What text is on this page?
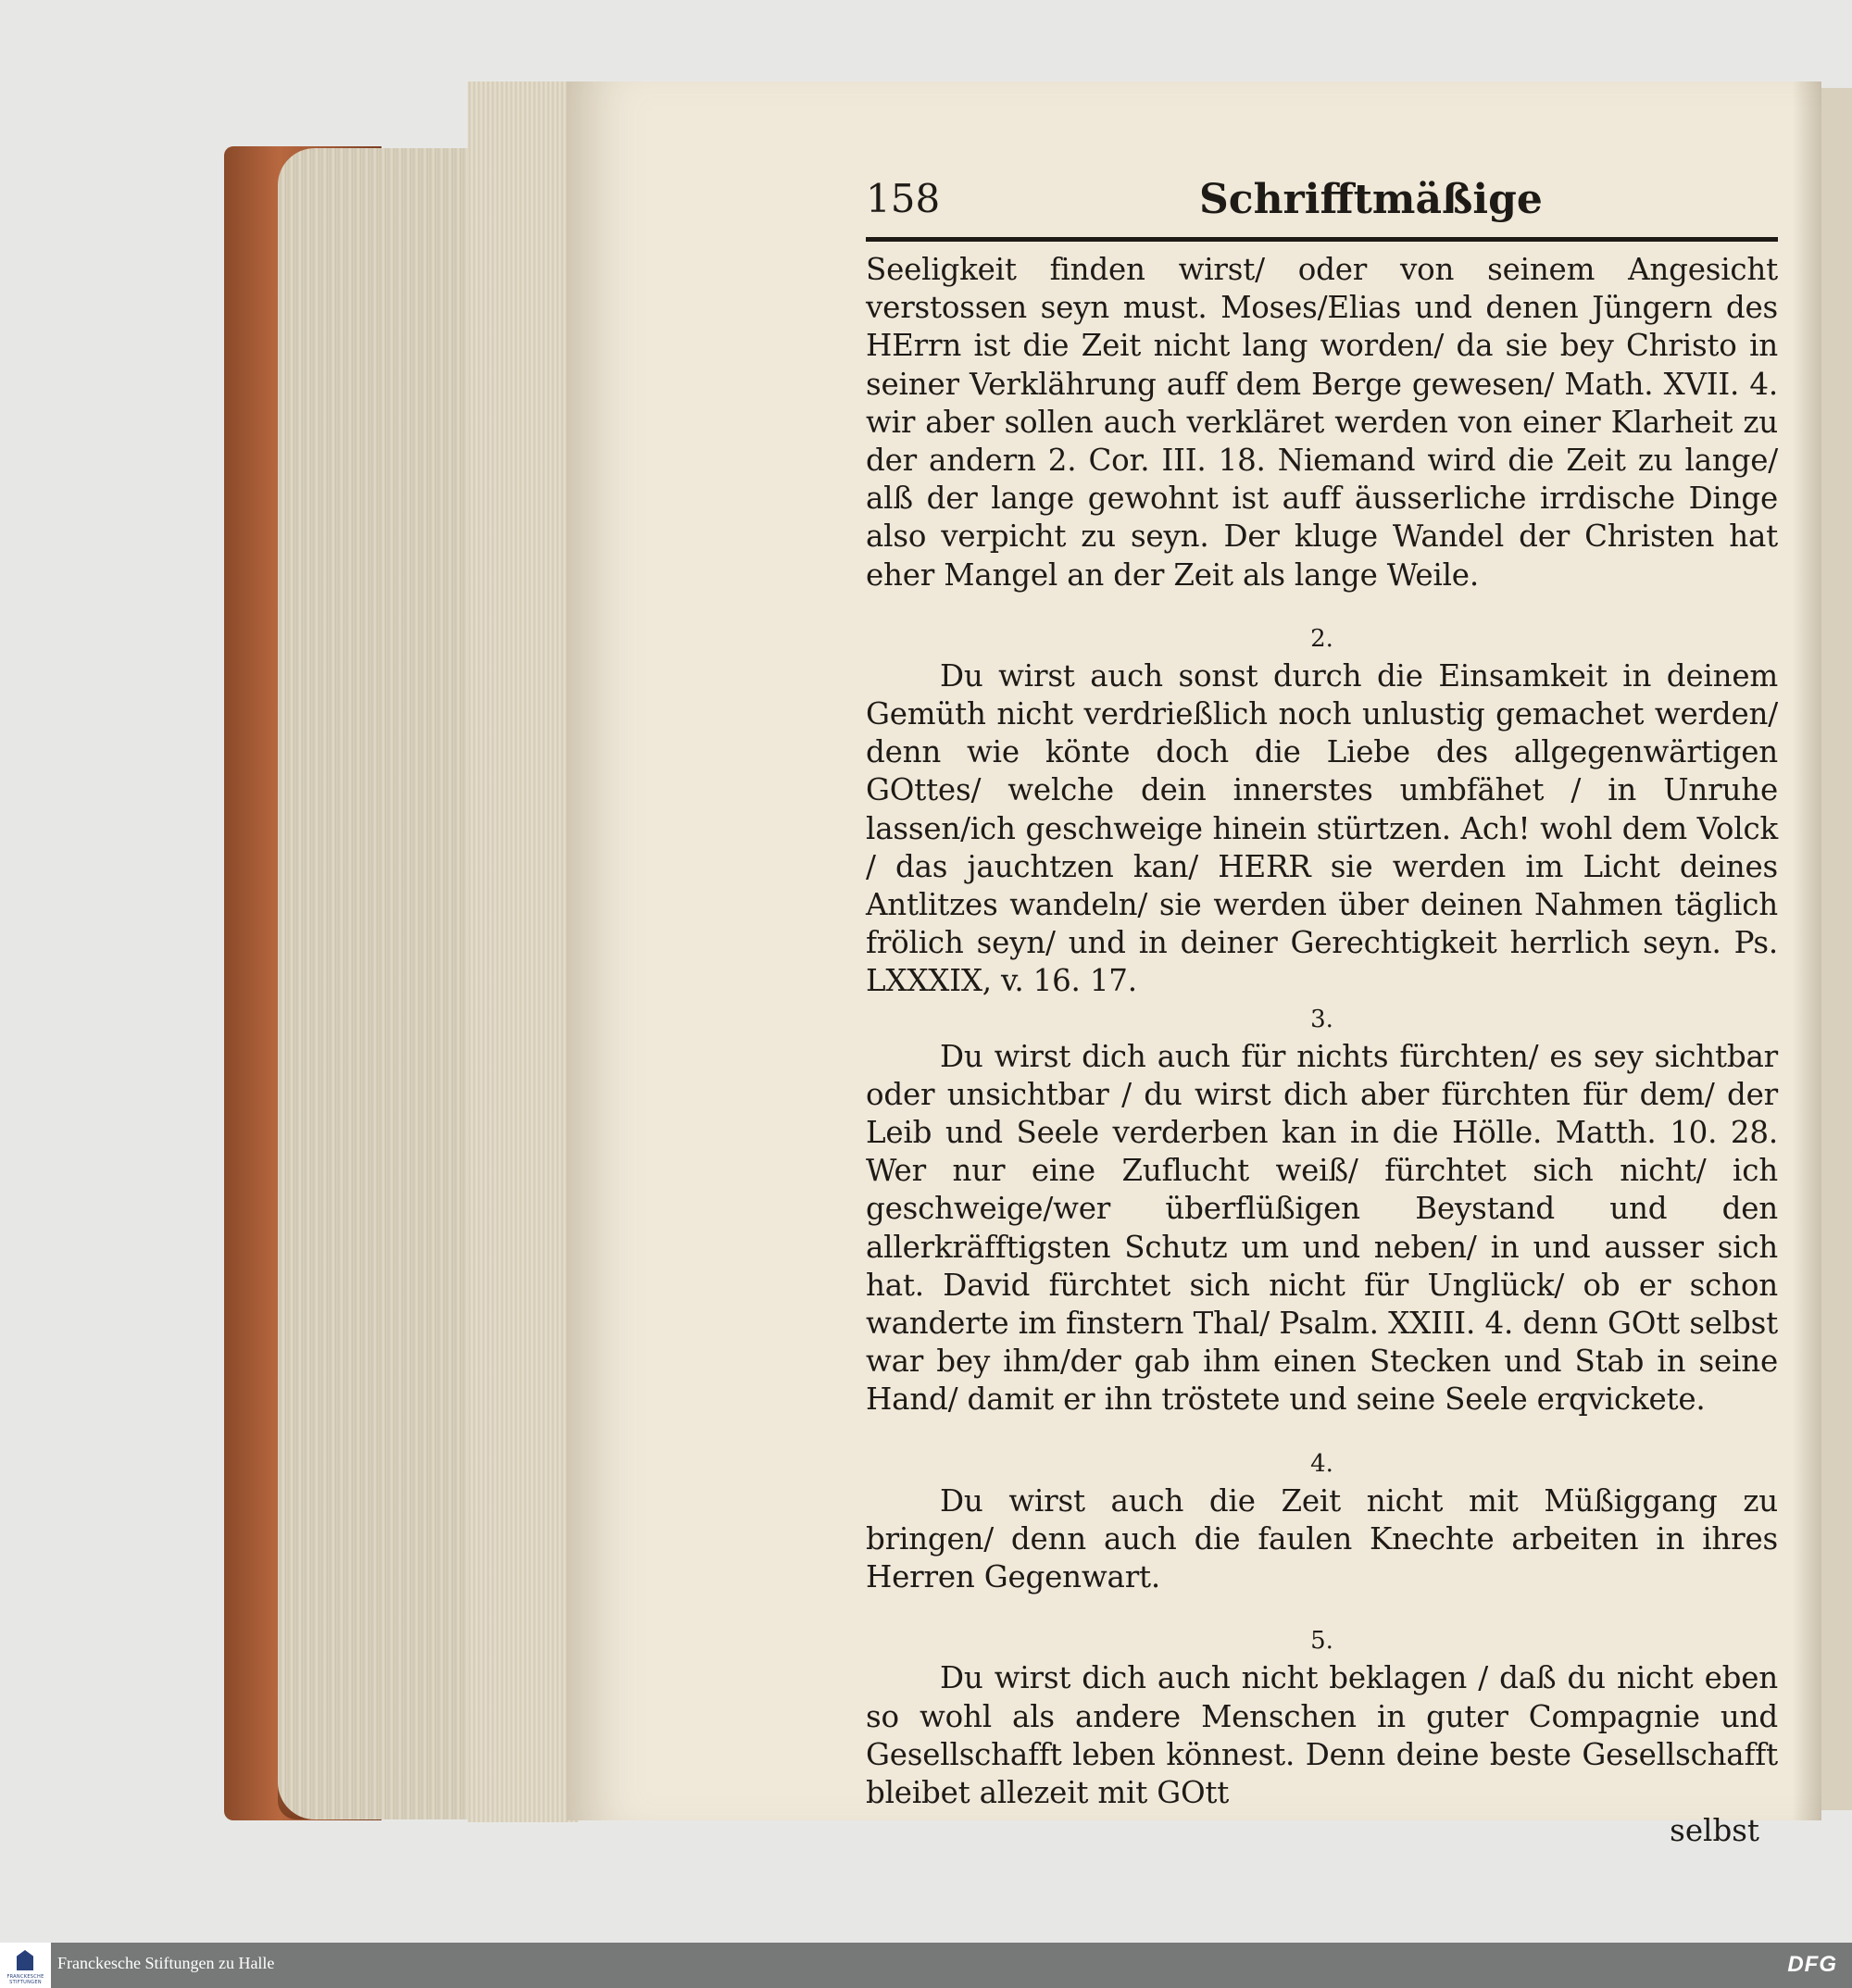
158	Schrifftmäßige

Seeligkeit finden wirst/ oder von seinem Angesicht verstossen seyn must. Moses/Elias und denen Jüngern des HErrn ist die Zeit nicht lang worden/ da sie bey Christo in seiner Verklährung auff dem Berge gewesen/ Math. XVII. 4. wir aber sollen auch verkläret werden von einer Klarheit zu der andern 2. Cor. III. 18. Niemand wird die Zeit zu lange/ alß der lange gewohnt ist auff äusserliche irrdische Dinge also verpicht zu seyn. Der kluge Wandel der Christen hat eher Mangel an der Zeit als lange Weile.

2.

Du wirst auch sonst durch die Einsamkeit in deinem Gemüth nicht verdrießlich noch unlustig gemachet werden/ denn wie könte doch die Liebe des allgegenwärtigen GOttes/ welche dein innerstes umbfähet / in Unruhe lassen/ich geschweige hinein stürtzen. Ach! wohl dem Volck / das jauchtzen kan/ HERR sie werden im Licht deines Antlitzes wandeln/ sie werden über deinen Nahmen täglich frölich seyn/ und in deiner Gerechtigkeit herrlich seyn. Ps. LXXXIX, v. 16. 17.

3.

Du wirst dich auch für nichts fürchten/ es sey sichtbar oder unsichtbar / du wirst dich aber fürchten für dem/ der Leib und Seele verderben kan in die Hölle. Matth. 10. 28. Wer nur eine Zuflucht weiß/ fürchtet sich nicht/ ich geschweige/wer überflüßigen Beystand und den allerkräfftigsten Schutz um und neben/ in und ausser sich hat. David fürchtet sich nicht für Unglück/ ob er schon wanderte im finstern Thal/ Psalm. XXIII. 4. denn GOtt selbst war bey ihm/der gab ihm einen Stecken und Stab in seine Hand/ damit er ihn tröstete und seine Seele erqvickete.

4.

Du wirst auch die Zeit nicht mit Müßiggang zu bringen/ denn auch die faulen Knechte arbeiten in ihres Herren Gegenwart.

5.

Du wirst dich auch nicht beklagen / daß du nicht eben so wohl als andere Menschen in guter Compagnie und Gesellschafft leben könnest. Denn deine beste Gesellschafft bleibet allezeit mit GOtt

selbst
FRANCKESCHE STIFTUNGEN
Franckesche Stiftungen zu Halle	DFG
